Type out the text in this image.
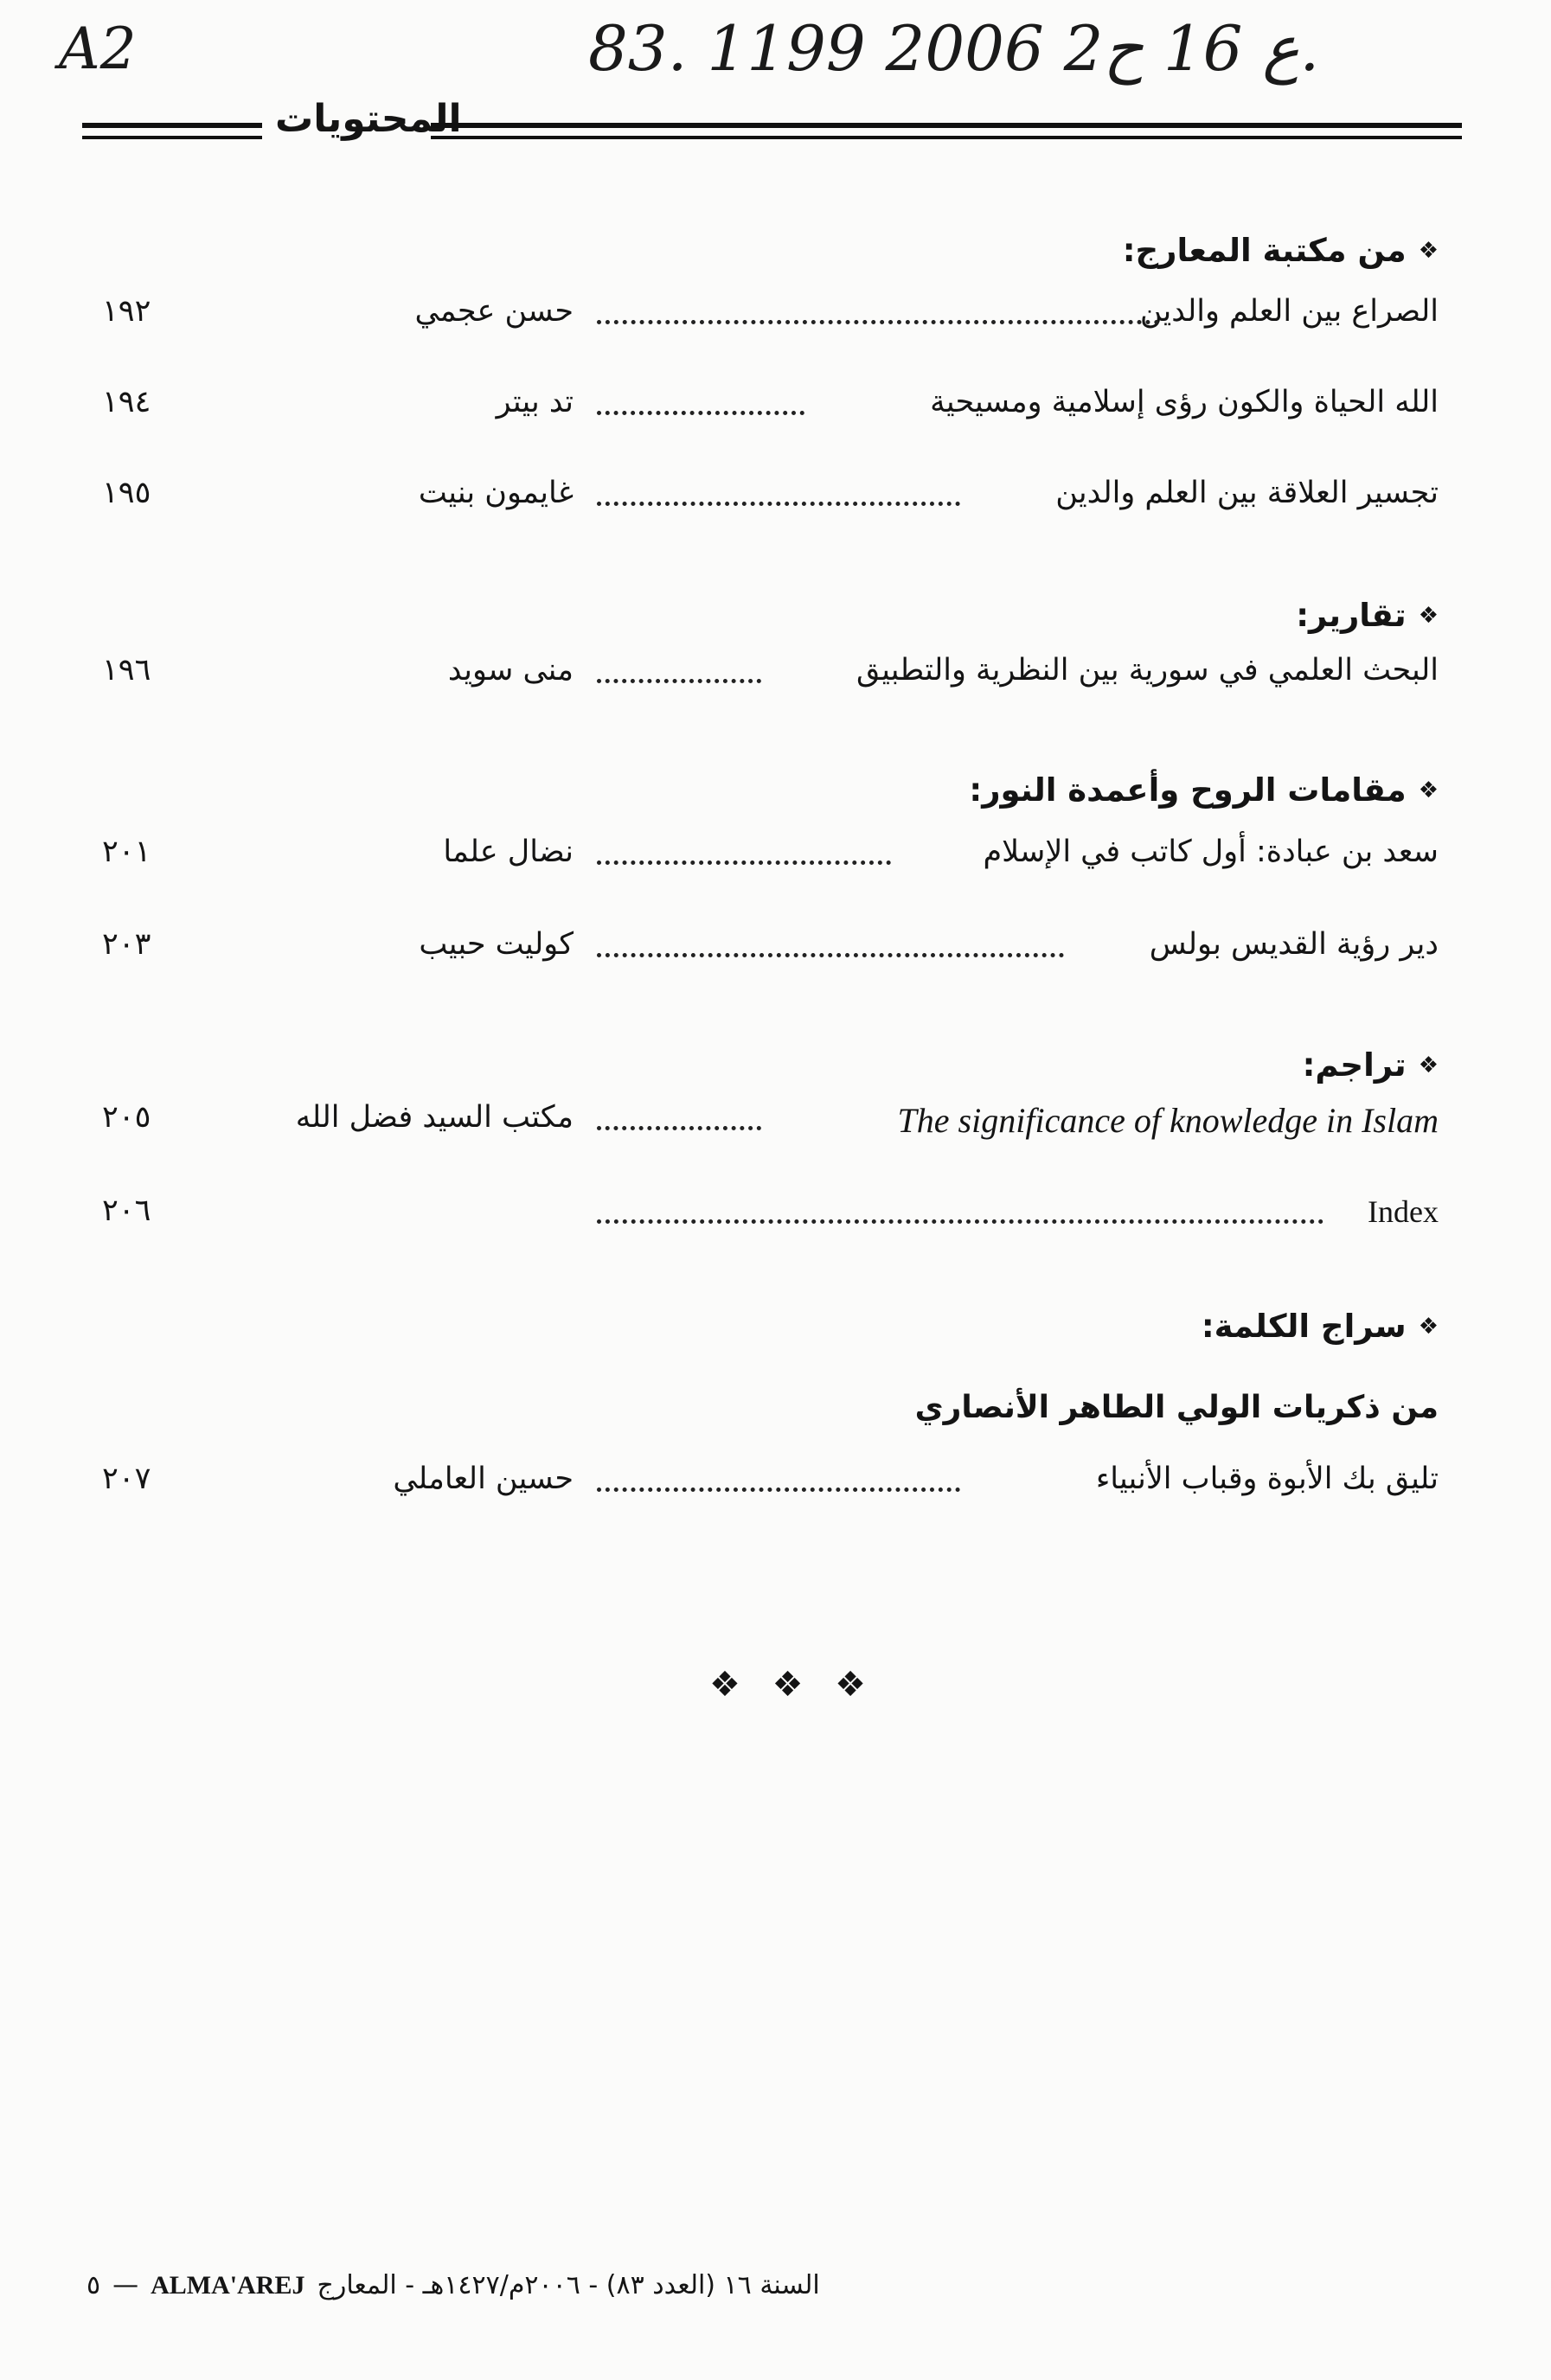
A2	83. ع 16 ح2 2006 1199.
المحتويات
❖من مكتبة المعارج:
الصراع بين العلم والدين
حسن عجمي
١٩٢
الله الحياة والكون رؤى إسلامية ومسيحية
تد بيتر
١٩٤
تجسير العلاقة بين العلم والدين
غايمون بنيت
١٩٥
❖تقارير:
البحث العلمي في سورية بين النظرية والتطبيق
منى سويد
١٩٦
❖مقامات الروح وأعمدة النور:
سعد بن عبادة: أول كاتب في الإسلام
نضال علما
٢٠١
دير رؤية القديس بولس
كوليت حبيب
٢٠٣
❖تراجم:
The significance of knowledge in Islam
مكتب السيد فضل الله
٢٠٥
Index
٢٠٦
❖سراج الكلمة:
من ذكريات الولي الطاهر الأنصاري
تليق بك الأبوة وقباب الأنبياء
حسين العاملي
٢٠٧
❖ ❖ ❖
٥ — ALMA'AREJ السنة ١٦ (العدد ٨٣) - ٢٠٠٦م/١٤٢٧هـ - المعارج
